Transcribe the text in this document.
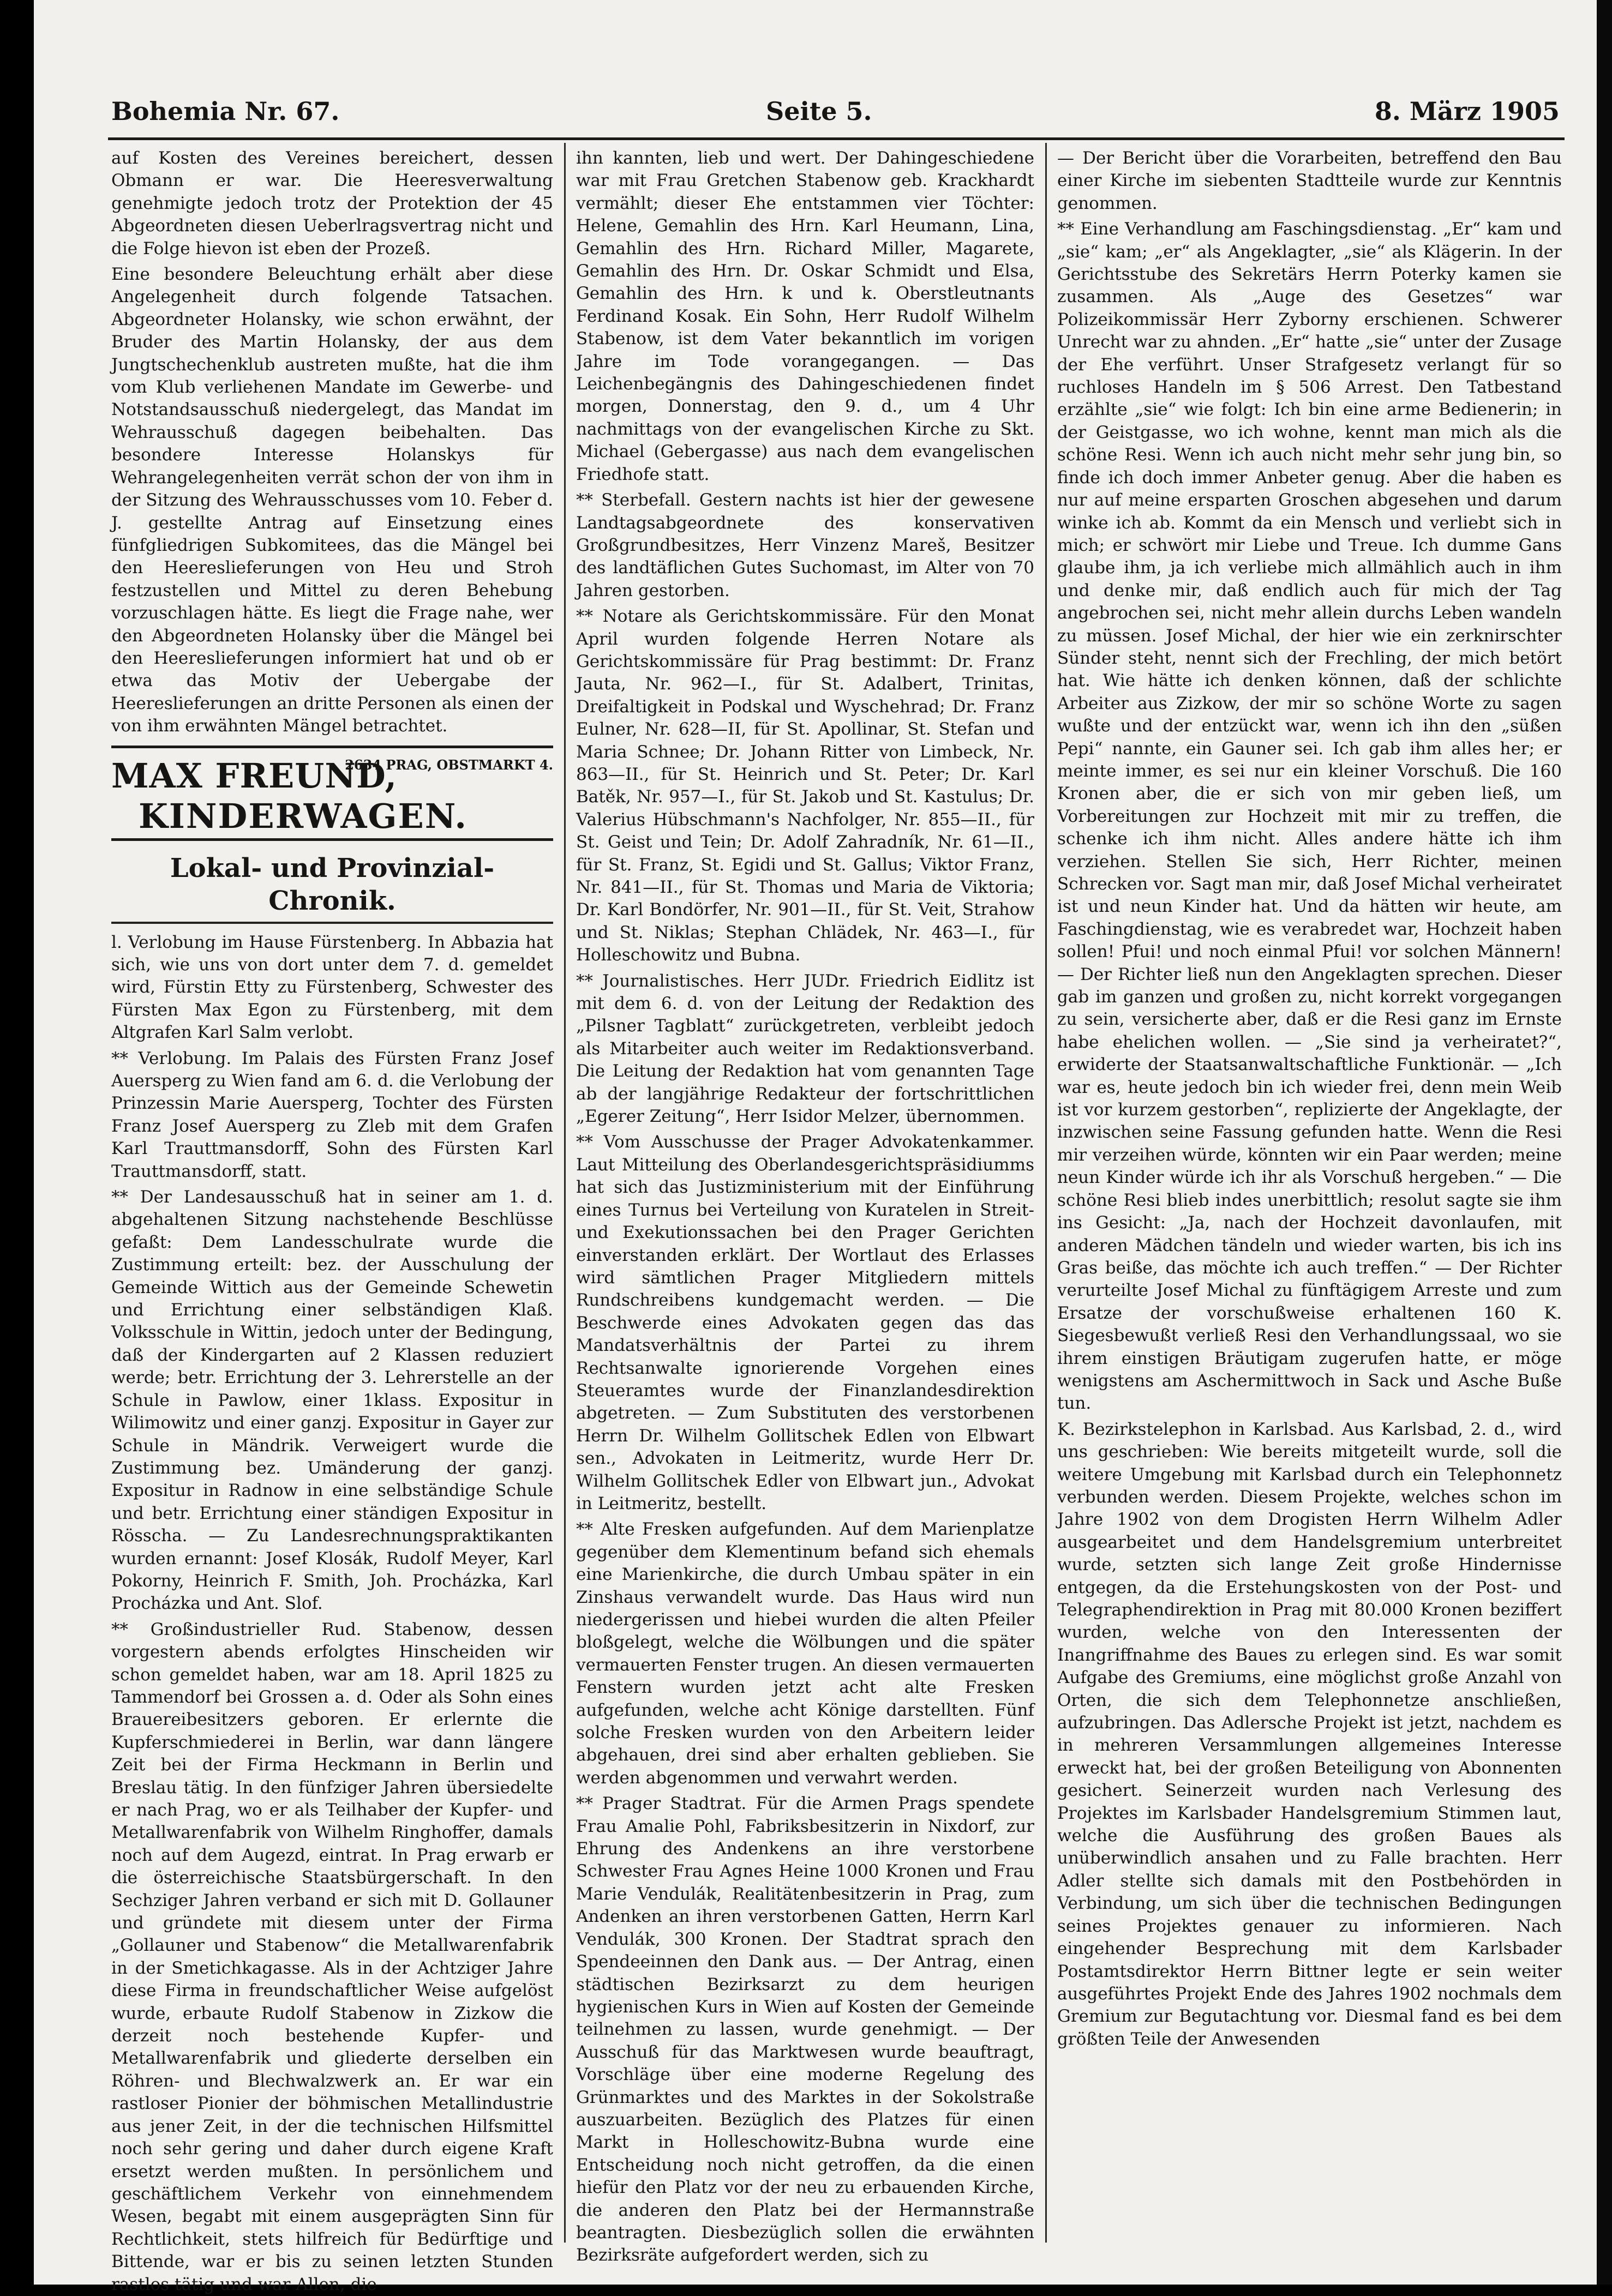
Bohemia Nr. 67.	Seite 5.	8. März 1905

auf Kosten des Vereines bereichert, dessen Obmann er war. Die Heeresverwaltung genehmigte jedoch trotz der Protektion der 45 Abgeordneten diesen Ueberlragsvertrag nicht und die Folge hievon ist eben der Prozeß.

Eine besondere Beleuchtung erhält aber diese Angelegenheit durch folgende Tatsachen. Abgeordneter Holansky, wie schon erwähnt, der Bruder des Martin Holansky, der aus dem Jungtschechenklub austreten mußte, hat die ihm vom Klub verliehenen Mandate im Gewerbe- und Notstandsausschuß niedergelegt, das Mandat im Wehrausschuß dagegen beibehalten. Das besondere Interesse Holanskys für Wehrangelegenheiten verrät schon der von ihm in der Sitzung des Wehrausschusses vom 10. Feber d. J. gestellte Antrag auf Einsetzung eines fünfgliedrigen Subkomitees, das die Mängel bei den Heereslieferungen von Heu und Stroh festzustellen und Mittel zu deren Behebung vorzuschlagen hätte. Es liegt die Frage nahe, wer den Abgeordneten Holansky über die Mängel bei den Heereslieferungen informiert hat und ob er etwa das Motiv der Uebergabe der Heereslieferungen an dritte Personen als einen der von ihm erwähnten Mängel betrachtet.

MAX FREUND,
2634 PRAG, OBSTMARKT 4.
KINDERWAGEN.
Lokal- und Provinzial-Chronik.

l. Verlobung im Hause Fürstenberg. In Abbazia hat sich, wie uns von dort unter dem 7. d. gemeldet wird, Fürstin Etty zu Fürstenberg, Schwester des Fürsten Max Egon zu Fürstenberg, mit dem Altgrafen Karl Salm verlobt.

** Verlobung. Im Palais des Fürsten Franz Josef Auersperg zu Wien fand am 6. d. die Verlobung der Prinzessin Marie Auersperg, Tochter des Fürsten Franz Josef Auersperg zu Zleb mit dem Grafen Karl Trauttmansdorff, Sohn des Fürsten Karl Trauttmansdorff, statt.

** Der Landesausschuß hat in seiner am 1. d. abgehaltenen Sitzung nachstehende Beschlüsse gefaßt: Dem Landesschulrate wurde die Zustimmung erteilt: bez. der Ausschulung der Gemeinde Wittich aus der Gemeinde Schewetin und Errichtung einer selbständigen Klaß. Volksschule in Wittin, jedoch unter der Bedingung, daß der Kindergarten auf 2 Klassen reduziert werde; betr. Errichtung der 3. Lehrerstelle an der Schule in Pawlow, einer 1klass. Expositur in Wilimowitz und einer ganzj. Expositur in Gayer zur Schule in Mändrik. Verweigert wurde die Zustimmung bez. Umänderung der ganzj. Expositur in Radnow in eine selbständige Schule und betr. Errichtung einer ständigen Expositur in Rösscha. — Zu Landesrechnungspraktikanten wurden ernannt: Josef Klosák, Rudolf Meyer, Karl Pokorny, Heinrich F. Smith, Joh. Procházka, Karl Procházka und Ant. Slof.

** Großindustrieller Rud. Stabenow, dessen vorgestern abends erfolgtes Hinscheiden wir schon gemeldet haben, war am 18. April 1825 zu Tammendorf bei Grossen a. d. Oder als Sohn eines Brauereibesitzers geboren. Er erlernte die Kupferschmiederei in Berlin, war dann längere Zeit bei der Firma Heckmann in Berlin und Breslau tätig. In den fünfziger Jahren übersiedelte er nach Prag, wo er als Teilhaber der Kupfer- und Metallwarenfabrik von Wilhelm Ringhoffer, damals noch auf dem Augezd, eintrat. In Prag erwarb er die österreichische Staatsbürgerschaft. In den Sechziger Jahren verband er sich mit D. Gollauner und gründete mit diesem unter der Firma „Gollauner und Stabenow“ die Metallwarenfabrik in der Smetichkagasse. Als in der Achtziger Jahre diese Firma in freundschaftlicher Weise aufgelöst wurde, erbaute Rudolf Stabenow in Zizkow die derzeit noch bestehende Kupfer- und Metallwarenfabrik und gliederte derselben ein Röhren- und Blechwalzwerk an. Er war ein rastloser Pionier der böhmischen Metallindustrie aus jener Zeit, in der die technischen Hilfsmittel noch sehr gering und daher durch eigene Kraft ersetzt werden mußten. In persönlichem und geschäftlichem Verkehr von einnehmendem Wesen, begabt mit einem ausgeprägten Sinn für Rechtlichkeit, stets hilfreich für Bedürftige und Bittende, war er bis zu seinen letzten Stunden rastlos tätig und war Allen, die

ihn kannten, lieb und wert. Der Dahingeschiedene war mit Frau Gretchen Stabenow geb. Krackhardt vermählt; dieser Ehe entstammen vier Töchter: Helene, Gemahlin des Hrn. Karl Heumann, Lina, Gemahlin des Hrn. Richard Miller, Magarete, Gemahlin des Hrn. Dr. Oskar Schmidt und Elsa, Gemahlin des Hrn. k und k. Oberstleutnants Ferdinand Kosak. Ein Sohn, Herr Rudolf Wilhelm Stabenow, ist dem Vater bekanntlich im vorigen Jahre im Tode vorangegangen. — Das Leichenbegängnis des Dahingeschiedenen findet morgen, Donnerstag, den 9. d., um 4 Uhr nachmittags von der evangelischen Kirche zu Skt. Michael (Gebergasse) aus nach dem evangelischen Friedhofe statt.

** Sterbefall. Gestern nachts ist hier der gewesene Landtagsabgeordnete des konservativen Großgrundbesitzes, Herr Vinzenz Mareš, Besitzer des landtäflichen Gutes Suchomast, im Alter von 70 Jahren gestorben.

** Notare als Gerichtskommissäre. Für den Monat April wurden folgende Herren Notare als Gerichtskommissäre für Prag bestimmt: Dr. Franz Jauta, Nr. 962—I., für St. Adalbert, Trinitas, Dreifaltigkeit in Podskal und Wyschehrad; Dr. Franz Eulner, Nr. 628—II, für St. Apollinar, St. Stefan und Maria Schnee; Dr. Johann Ritter von Limbeck, Nr. 863—II., für St. Heinrich und St. Peter; Dr. Karl Batěk, Nr. 957—I., für St. Jakob und St. Kastulus; Dr. Valerius Hübschmann's Nachfolger, Nr. 855—II., für St. Geist und Tein; Dr. Adolf Zahradník, Nr. 61—II., für St. Franz, St. Egidi und St. Gallus; Viktor Franz, Nr. 841—II., für St. Thomas und Maria de Viktoria; Dr. Karl Bondörfer, Nr. 901—II., für St. Veit, Strahow und St. Niklas; Stephan Chlädek, Nr. 463—I., für Holleschowitz und Bubna.

** Journalistisches. Herr JUDr. Friedrich Eidlitz ist mit dem 6. d. von der Leitung der Redaktion des „Pilsner Tagblatt“ zurückgetreten, verbleibt jedoch als Mitarbeiter auch weiter im Redaktionsverband. Die Leitung der Redaktion hat vom genannten Tage ab der langjährige Redakteur der fortschrittlichen „Egerer Zeitung“, Herr Isidor Melzer, übernommen.

** Vom Ausschusse der Prager Advokatenkammer. Laut Mitteilung des Oberlandesgerichtspräsidiumms hat sich das Justizministerium mit der Einführung eines Turnus bei Verteilung von Kuratelen in Streit- und Exekutionssachen bei den Prager Gerichten einverstanden erklärt. Der Wortlaut des Erlasses wird sämtlichen Prager Mitgliedern mittels Rundschreibens kundgemacht werden. — Die Beschwerde eines Advokaten gegen das das Mandatsverhältnis der Partei zu ihrem Rechtsanwalte ignorierende Vorgehen eines Steueramtes wurde der Finanzlandesdirektion abgetreten. — Zum Substituten des verstorbenen Herrn Dr. Wilhelm Gollitschek Edlen von Elbwart sen., Advokaten in Leitmeritz, wurde Herr Dr. Wilhelm Gollitschek Edler von Elbwart jun., Advokat in Leitmeritz, bestellt.

** Alte Fresken aufgefunden. Auf dem Marienplatze gegenüber dem Klementinum befand sich ehemals eine Marienkirche, die durch Umbau später in ein Zinshaus verwandelt wurde. Das Haus wird nun niedergerissen und hiebei wurden die alten Pfeiler bloßgelegt, welche die Wölbungen und die später vermauerten Fenster trugen. An diesen vermauerten Fenstern wurden jetzt acht alte Fresken aufgefunden, welche acht Könige darstellten. Fünf solche Fresken wurden von den Arbeitern leider abgehauen, drei sind aber erhalten geblieben. Sie werden abgenommen und verwahrt werden.

** Prager Stadtrat. Für die Armen Prags spendete Frau Amalie Pohl, Fabriksbesitzerin in Nixdorf, zur Ehrung des Andenkens an ihre verstorbene Schwester Frau Agnes Heine 1000 Kronen und Frau Marie Vendulák, Realitätenbesitzerin in Prag, zum Andenken an ihren verstorbenen Gatten, Herrn Karl Vendulák, 300 Kronen. Der Stadtrat sprach den Spendeeinnen den Dank aus. — Der Antrag, einen städtischen Bezirksarzt zu dem heurigen hygienischen Kurs in Wien auf Kosten der Gemeinde teilnehmen zu lassen, wurde genehmigt. — Der Ausschuß für das Marktwesen wurde beauftragt, Vorschläge über eine moderne Regelung des Grünmarktes und des Marktes in der Sokolstraße auszuarbeiten. Bezüglich des Platzes für einen Markt in Holleschowitz-Bubna wurde eine Entscheidung noch nicht getroffen, da die einen hiefür den Platz vor der neu zu erbauenden Kirche, die anderen den Platz bei der Hermannstraße beantragten. Diesbezüglich sollen die erwähnten Bezirksräte aufgefordert werden, sich zu

— Der Bericht über die Vorarbeiten, betreffend den Bau einer Kirche im siebenten Stadtteile wurde zur Kenntnis genommen.

** Eine Verhandlung am Faschingsdienstag. „Er“ kam und „sie“ kam; „er“ als Angeklagter, „sie“ als Klägerin. In der Gerichtsstube des Sekretärs Herrn Poterky kamen sie zusammen. Als „Auge des Gesetzes“ war Polizeikommissär Herr Zyborny erschienen. Schwerer Unrecht war zu ahnden. „Er“ hatte „sie“ unter der Zusage der Ehe verführt. Unser Strafgesetz verlangt für so ruchloses Handeln im § 506 Arrest. Den Tatbestand erzählte „sie“ wie folgt: Ich bin eine arme Bedienerin; in der Geistgasse, wo ich wohne, kennt man mich als die schöne Resi. Wenn ich auch nicht mehr sehr jung bin, so finde ich doch immer Anbeter genug. Aber die haben es nur auf meine ersparten Groschen abgesehen und darum winke ich ab. Kommt da ein Mensch und verliebt sich in mich; er schwört mir Liebe und Treue. Ich dumme Gans glaube ihm, ja ich verliebe mich allmählich auch in ihm und denke mir, daß endlich auch für mich der Tag angebrochen sei, nicht mehr allein durchs Leben wandeln zu müssen. Josef Michal, der hier wie ein zerknirschter Sünder steht, nennt sich der Frechling, der mich betört hat. Wie hätte ich denken können, daß der schlichte Arbeiter aus Zizkow, der mir so schöne Worte zu sagen wußte und der entzückt war, wenn ich ihn den „süßen Pepi“ nannte, ein Gauner sei. Ich gab ihm alles her; er meinte immer, es sei nur ein kleiner Vorschuß. Die 160 Kronen aber, die er sich von mir geben ließ, um Vorbereitungen zur Hochzeit mit mir zu treffen, die schenke ich ihm nicht. Alles andere hätte ich ihm verziehen. Stellen Sie sich, Herr Richter, meinen Schrecken vor. Sagt man mir, daß Josef Michal verheiratet ist und neun Kinder hat. Und da hätten wir heute, am Faschingdienstag, wie es verabredet war, Hochzeit haben sollen! Pfui! und noch einmal Pfui! vor solchen Männern! — Der Richter ließ nun den Angeklagten sprechen. Dieser gab im ganzen und großen zu, nicht korrekt vorgegangen zu sein, versicherte aber, daß er die Resi ganz im Ernste habe ehelichen wollen. — „Sie sind ja verheiratet?“, erwiderte der Staatsanwaltschaftliche Funktionär. — „Ich war es, heute jedoch bin ich wieder frei, denn mein Weib ist vor kurzem gestorben“, replizierte der Angeklagte, der inzwischen seine Fassung gefunden hatte. Wenn die Resi mir verzeihen würde, könnten wir ein Paar werden; meine neun Kinder würde ich ihr als Vorschuß hergeben.“ — Die schöne Resi blieb indes unerbittlich; resolut sagte sie ihm ins Gesicht: „Ja, nach der Hochzeit davonlaufen, mit anderen Mädchen tändeln und wieder warten, bis ich ins Gras beiße, das möchte ich auch treffen.“ — Der Richter verurteilte Josef Michal zu fünftägigem Arreste und zum Ersatze der vorschußweise erhaltenen 160 K. Siegesbewußt verließ Resi den Verhandlungssaal, wo sie ihrem einstigen Bräutigam zugerufen hatte, er möge wenigstens am Aschermittwoch in Sack und Asche Buße tun.

K. Bezirkstelephon in Karlsbad. Aus Karlsbad, 2. d., wird uns geschrieben: Wie bereits mitgeteilt wurde, soll die weitere Umgebung mit Karlsbad durch ein Telephonnetz verbunden werden. Diesem Projekte, welches schon im Jahre 1902 von dem Drogisten Herrn Wilhelm Adler ausgearbeitet und dem Handelsgremium unterbreitet wurde, setzten sich lange Zeit große Hindernisse entgegen, da die Erstehungskosten von der Post- und Telegraphendirektion in Prag mit 80.000 Kronen beziffert wurden, welche von den Interessenten der Inangriffnahme des Baues zu erlegen sind. Es war somit Aufgabe des Gremiums, eine möglichst große Anzahl von Orten, die sich dem Telephonnetze anschließen, aufzubringen. Das Adlersche Projekt ist jetzt, nachdem es in mehreren Versammlungen allgemeines Interesse erweckt hat, bei der großen Beteiligung von Abonnenten gesichert. Seinerzeit wurden nach Verlesung des Projektes im Karlsbader Handelsgremium Stimmen laut, welche die Ausführung des großen Baues als unüberwindlich ansahen und zu Falle brachten. Herr Adler stellte sich damals mit den Postbehörden in Verbindung, um sich über die technischen Bedingungen seines Projektes genauer zu informieren. Nach eingehender Besprechung mit dem Karlsbader Postamtsdirektor Herrn Bittner legte er sein weiter ausgeführtes Projekt Ende des Jahres 1902 nochmals dem Gremium zur Begutachtung vor. Diesmal fand es bei dem größten Teile der Anwesenden
